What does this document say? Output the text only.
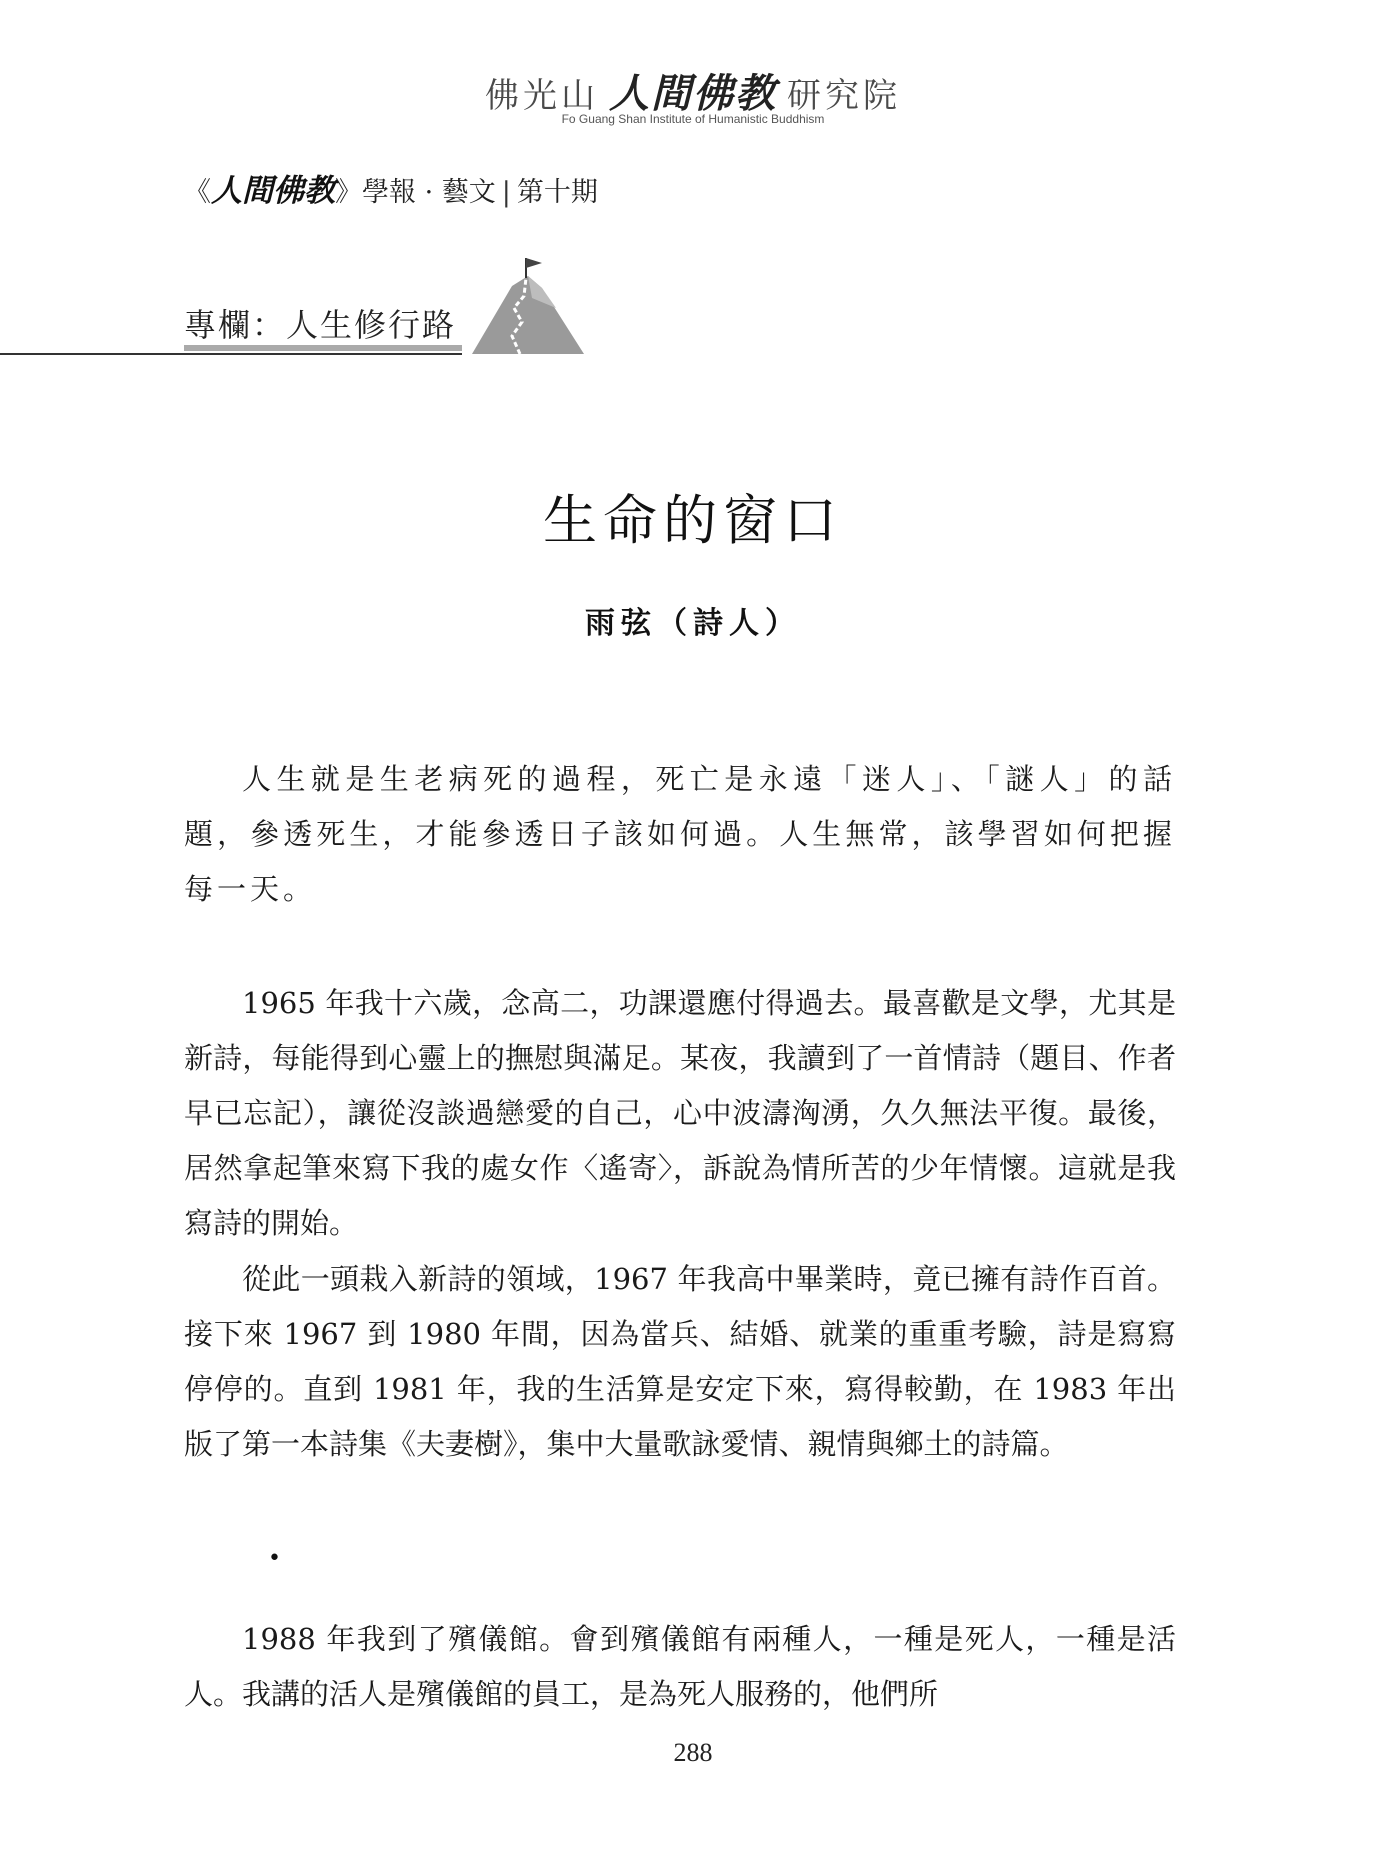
佛光山 人間佛教 研究院
Fo Guang Shan Institute of Humanistic Buddhism
《人間佛教》學報 · 藝文 | 第十期
專欄：人生修行路
生命的窗口
雨弦（詩人）

人生就是生老病死的過程，死亡是永遠「迷人」、「謎人」的話題，參透死生，才能參透日子該如何過。人生無常，該學習如何把握每一天。

1965 年我十六歲，念高二，功課還應付得過去。最喜歡是文學，尤其是新詩，每能得到心靈上的撫慰與滿足。某夜，我讀到了一首情詩（題目、作者早已忘記），讓從沒談過戀愛的自己，心中波濤洶湧，久久無法平復。最後，居然拿起筆來寫下我的處女作〈遙寄〉，訴說為情所苦的少年情懷。這就是我寫詩的開始。

從此一頭栽入新詩的領域，1967 年我高中畢業時，竟已擁有詩作百首。接下來 1967 到 1980 年間，因為當兵、結婚、就業的重重考驗，詩是寫寫停停的。直到 1981 年，我的生活算是安定下來，寫得較勤，在 1983 年出版了第一本詩集《夫妻樹》，集中大量歌詠愛情、親情與鄉土的詩篇。

•

1988 年我到了殯儀館。會到殯儀館有兩種人，一種是死人，一種是活人。我講的活人是殯儀館的員工，是為死人服務的，他們所

288
